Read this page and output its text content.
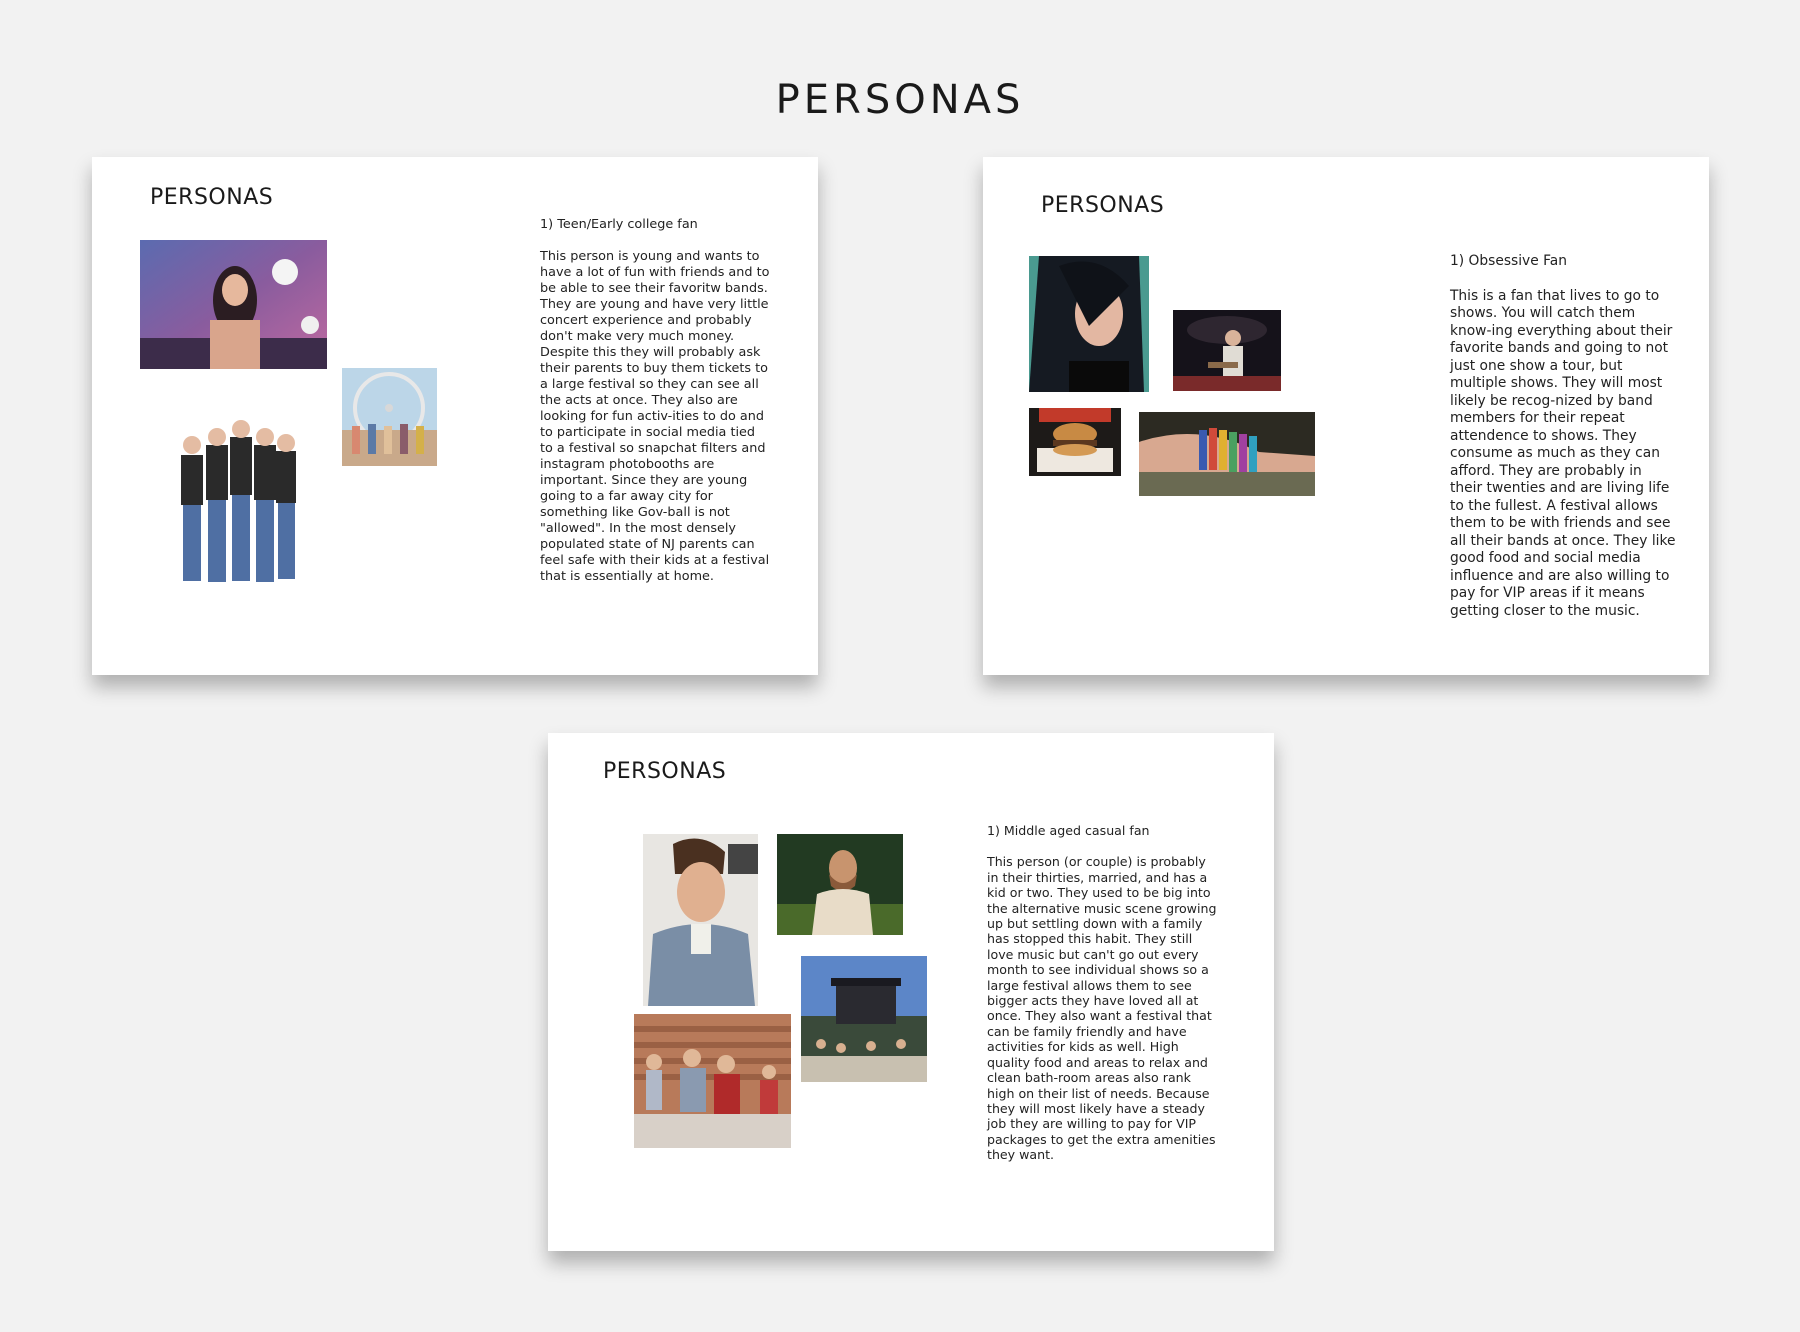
PERSONAS
PERSONAS

1) Teen/Early college fan

This person is young and wants to have a lot of fun with friends and to be able to see their favoritw bands. They are young and have very little concert experience and probably don't make very much money. Despite this they will probably ask their parents to buy them tickets to a large festival so they can see all the acts at once. They also are looking for fun activ-ities to do and to participate in social media tied to a festival so snapchat filters and instagram photobooths are important. Since they are young going to a far away city for something like Gov-ball is not "allowed". In the most densely populated state of NJ parents can feel safe with their kids at a festival that is essentially at home.

PERSONAS

1) Obsessive Fan

This is a fan that lives to go to shows. You will catch them know-ing everything about their favorite bands and going to not just one show a tour, but multiple shows. They will most likely be recog-nized by band members for their repeat attendence to shows. They consume as much as they can afford. They are probably in their twenties and are living life to the fullest. A festival allows them to be with friends and see all their bands at once. They like good food and social media influence and are also willing to pay for VIP areas if it means getting closer to the music.

PERSONAS

1) Middle aged casual fan

This person (or couple) is probably in their thirties, married, and has a kid or two. They used to be big into the alternative music scene growing up but settling down with a family has stopped this habit. They still love music but can't go out every month to see individual shows so a large festival allows them to see bigger acts they have loved all at once. They also want a festival that can be family friendly and have activities for kids as well. High quality food and areas to relax and clean bath-room areas also rank high on their list of needs. Because they will most likely have a steady job they are willing to pay for VIP packages to get the extra amenities they want.
